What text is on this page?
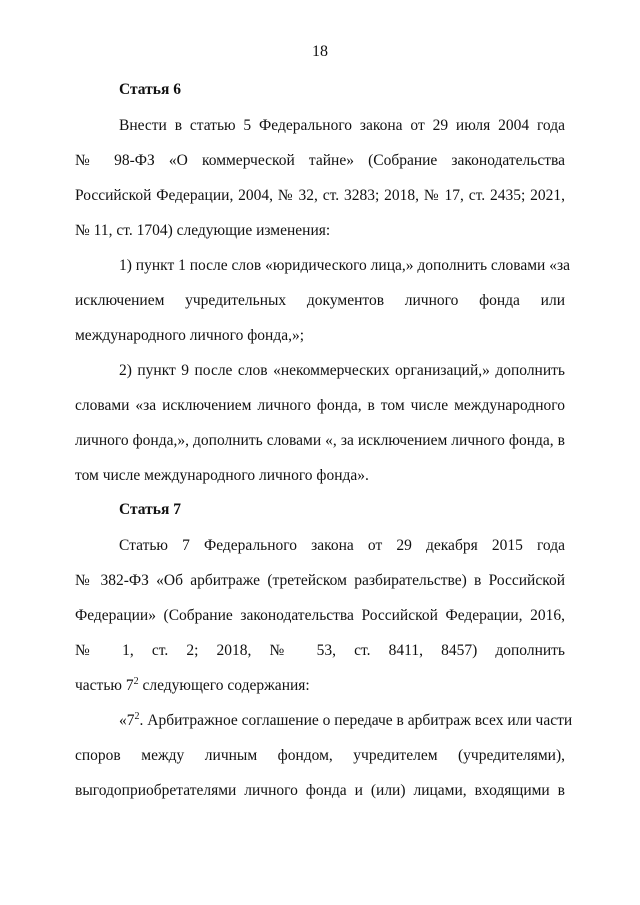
18
Статья 6
Внести в статью 5 Федерального закона от 29 июля 2004 года
№ 98-ФЗ «О коммерческой тайне» (Собрание законодательства
Российской Федерации, 2004, № 32, ст. 3283; 2018, № 17, ст. 2435; 2021,
№ 11, ст. 1704) следующие изменения:
1) пункт 1 после слов «юридического лица,» дополнить словами «за
исключением учредительных документов личного фонда или
международного личного фонда,»;
2) пункт 9 после слов «некоммерческих организаций,» дополнить
словами «за исключением личного фонда, в том числе международного
личного фонда,», дополнить словами «, за исключением личного фонда, в
том числе международного личного фонда».
Статья 7
Статью 7 Федерального закона от 29 декабря 2015 года
№ 382-ФЗ «Об арбитраже (третейском разбирательстве) в Российской
Федерации» (Собрание законодательства Российской Федерации, 2016,
№ 1, ст. 2; 2018, № 53, ст. 8411, 8457) дополнить
частью $7^2$ следующего содержания:
«$7^2$. Арбитражное соглашение о передаче в арбитраж всех или части
споров между личным фондом, учредителем (учредителями),
выгодоприобретателями личного фонда и (или) лицами, входящими в
